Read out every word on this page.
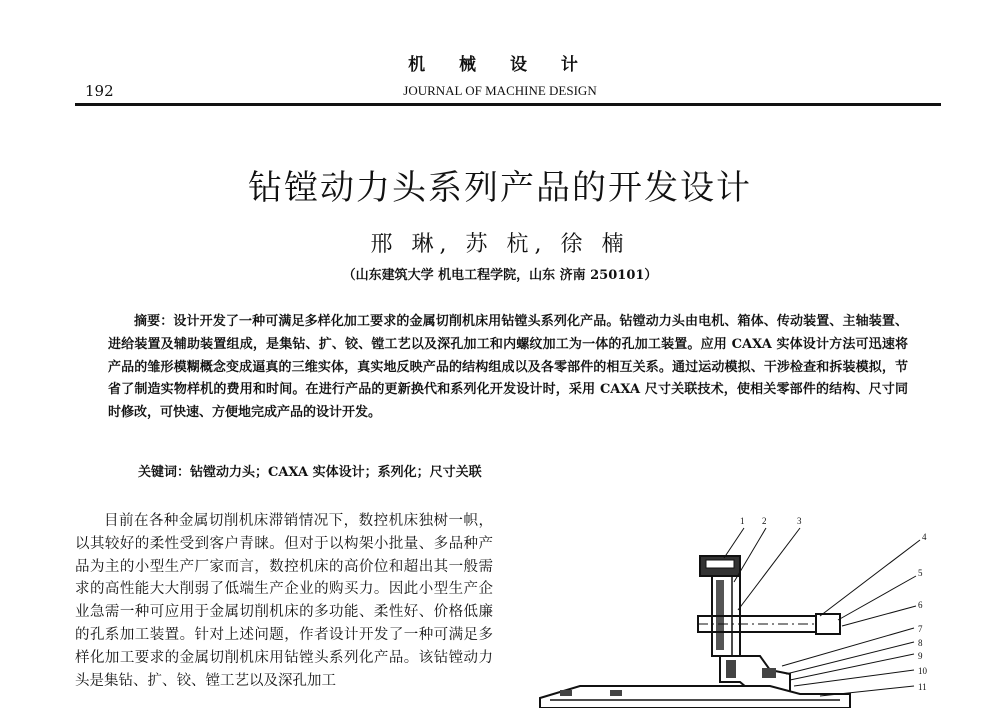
机 械 设 计
192	JOURNAL OF MACHINE DESIGN
钻镗动力头系列产品的开发设计
邢 琳, 苏 杭, 徐 楠
（山东建筑大学 机电工程学院，山东 济南 250101）
摘要：设计开发了一种可满足多样化加工要求的金属切削机床用钻镗头系列化产品。钻镗动力头由电机、箱体、传动装置、主轴装置、进给装置及辅助装置组成，是集钻、扩、铰、镗工艺以及深孔加工和内螺纹加工为一体的孔加工装置。应用 CAXA 实体设计方法可迅速将产品的雏形模糊概念变成逼真的三维实体，真实地反映产品的结构组成以及各零部件的相互关系。通过运动模拟、干涉检查和拆装模拟，节省了制造实物样机的费用和时间。在进行产品的更新换代和系列化开发设计时，采用 CAXA 尺寸关联技术，使相关零部件的结构、尺寸同时修改，可快速、方便地完成产品的设计开发。
关键词：钻镗动力头；CAXA 实体设计；系列化；尺寸关联
目前在各种金属切削机床滞销情况下，数控机床独树一帜，以其较好的柔性受到客户青睐。但对于以构架小批量、多品种产品为主的小型生产厂家而言，数控机床的高价位和超出其一般需求的高性能大大削弱了低端生产企业的购买力。因此小型生产企业急需一种可应用于金属切削机床的多功能、柔性好、价格低廉的孔系加工装置。针对上述问题，作者设计开发了一种可满足多样化加工要求的金属切削机床用钻镗头系列化产品。该钻镗动力头是集钻、扩、铰、镗工艺以及深孔加工
1 2	3
4
5
6
7
8
9
10
11
